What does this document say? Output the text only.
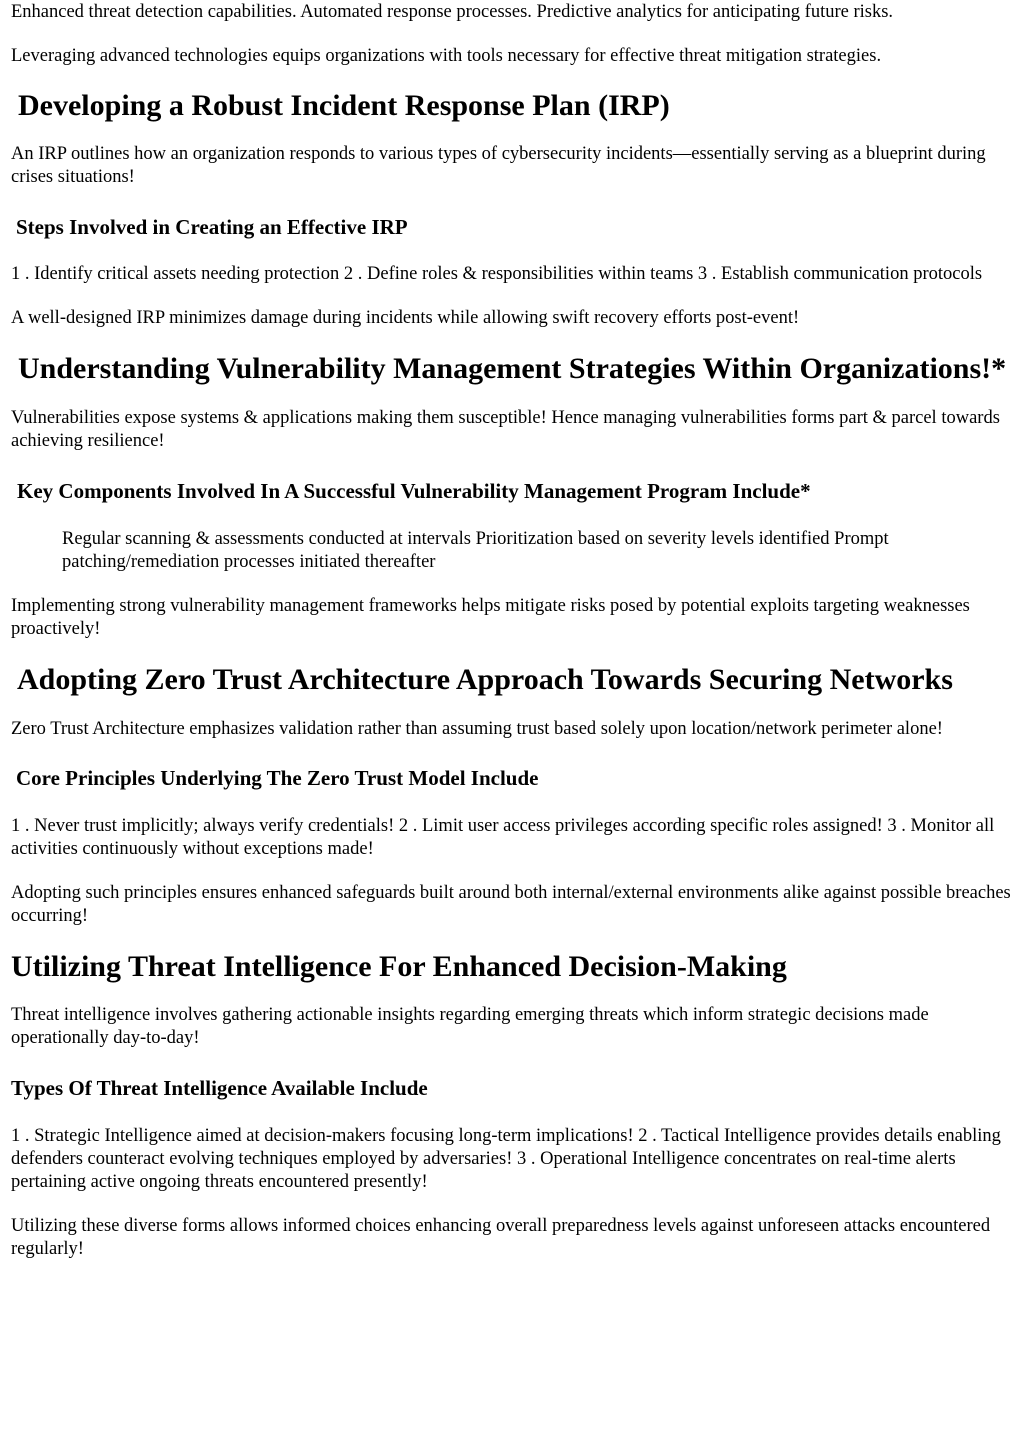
Enhanced threat detection capabilities. Automated response processes. Predictive analytics for anticipating future risks.

Leveraging advanced technologies equips organizations with tools necessary for effective threat mitigation strategies.

Developing a Robust Incident Response Plan (IRP)

An IRP outlines how an organization responds to various types of cybersecurity incidents—essentially serving as a blueprint during crises situations!

Steps Involved in Creating an Effective IRP

1 . Identify critical assets needing protection 2 . Define roles & responsibilities within teams 3 . Establish communication protocols

A well-designed IRP minimizes damage during incidents while allowing swift recovery efforts post-event!

Understanding Vulnerability Management Strategies Within Organizations!*

Vulnerabilities expose systems & applications making them susceptible! Hence managing vulnerabilities forms part & parcel towards achieving resilience!

Key Components Involved In A Successful Vulnerability Management Program Include*
Regular scanning & assessments conducted at intervals Prioritization based on severity levels identified Prompt patching/remediation processes initiated thereafter

Implementing strong vulnerability management frameworks helps mitigate risks posed by potential exploits targeting weaknesses proactively!

Adopting Zero Trust Architecture Approach Towards Securing Networks

Zero Trust Architecture emphasizes validation rather than assuming trust based solely upon location/network perimeter alone!

Core Principles Underlying The Zero Trust Model Include

1 . Never trust implicitly; always verify credentials! 2 . Limit user access privileges according specific roles assigned! 3 . Monitor all activities continuously without exceptions made!

Adopting such principles ensures enhanced safeguards built around both internal/external environments alike against possible breaches occurring!

Utilizing Threat Intelligence For Enhanced Decision-Making

Threat intelligence involves gathering actionable insights regarding emerging threats which inform strategic decisions made operationally day-to-day!

Types Of Threat Intelligence Available Include

1 . Strategic Intelligence aimed at decision-makers focusing long-term implications! 2 . Tactical Intelligence provides details enabling defenders counteract evolving techniques employed by adversaries! 3 . Operational Intelligence concentrates on real-time alerts pertaining active ongoing threats encountered presently!

Utilizing these diverse forms allows informed choices enhancing overall preparedness levels against unforeseen attacks encountered regularly!
